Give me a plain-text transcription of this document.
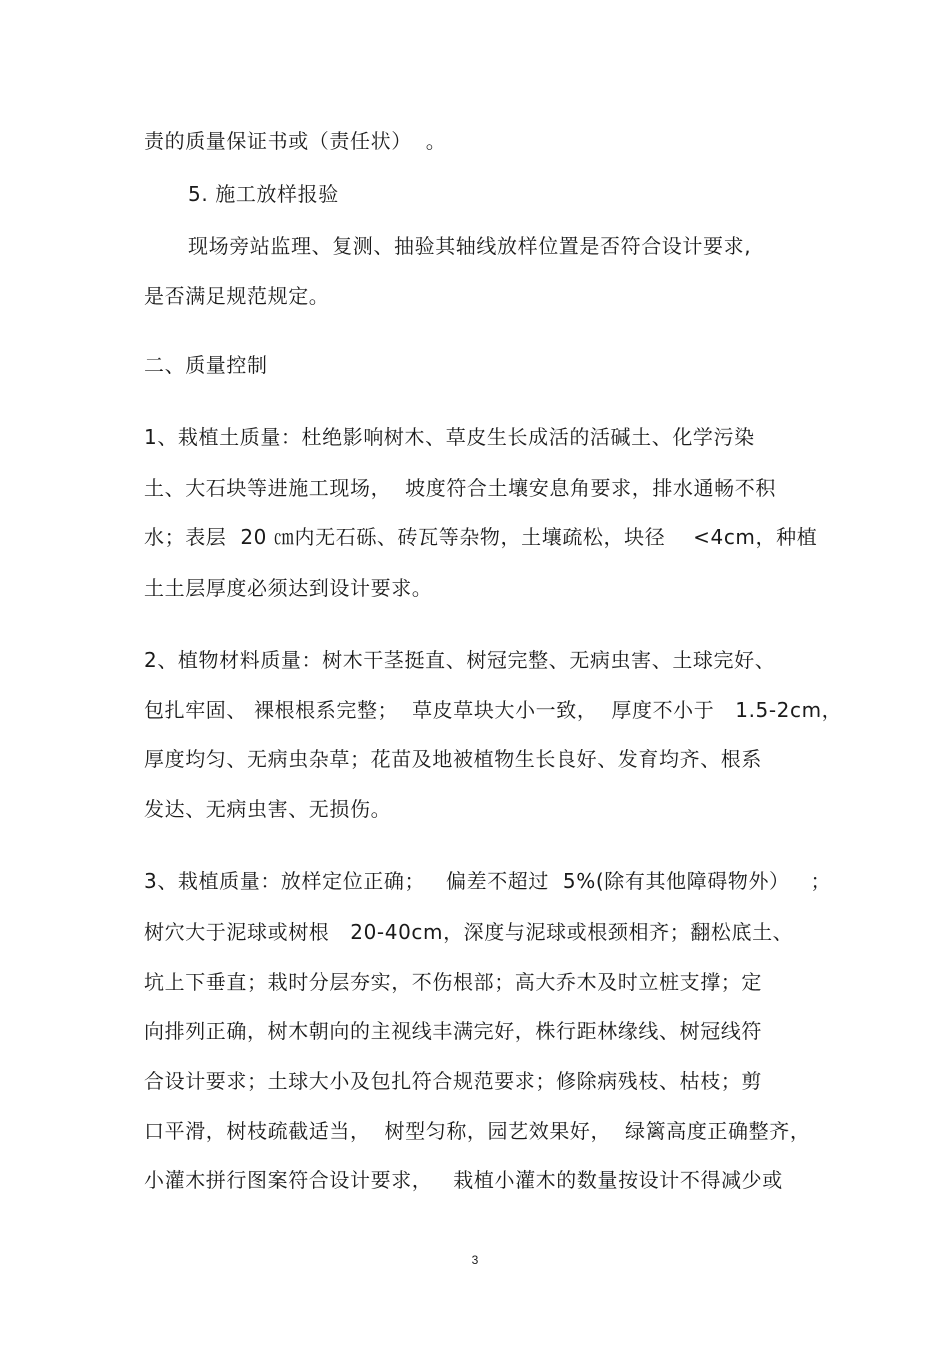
责的质量保证书或（责任状）  。
5. 施工放样报验
现场旁站监理、复测、抽验其轴线放样位置是否符合设计要求,
是否满足规范规定。
二、质量控制
1、栽植土质量：杜绝影响树木、草皮生长成活的活碱土、化学污染
土、大石块等进施工现场，  坡度符合土壤安息角要求，排水通畅不积
水；表层  20 ㎝内无石砾、砖瓦等杂物，土壤疏松，块径    <4cm，种植
土土层厚度必须达到设计要求。
2、植物材料质量：树木干茎挺直、树冠完整、无病虫害、土球完好、
包扎牢固、 裸根根系完整；  草皮草块大小一致，  厚度不小于   1.5-2cm，
厚度均匀、无病虫杂草；花苗及地被植物生长良好、发育均齐、根系
发达、无病虫害、无损伤。
3、栽植质量：放样定位正确；   偏差不超过  5%(除有其他障碍物外）   ；
树穴大于泥球或树根   20-40cm，深度与泥球或根颈相齐；翻松底土、
坑上下垂直；栽时分层夯实，不伤根部；高大乔木及时立桩支撑；定
向排列正确，树木朝向的主视线丰满完好，株行距林缘线、树冠线符
合设计要求；土球大小及包扎符合规范要求；修除病残枝、枯枝；剪
口平滑，树枝疏截适当，  树型匀称，园艺效果好，  绿篱高度正确整齐，
小灌木拼行图案符合设计要求，   栽植小灌木的数量按设计不得减少或
3
